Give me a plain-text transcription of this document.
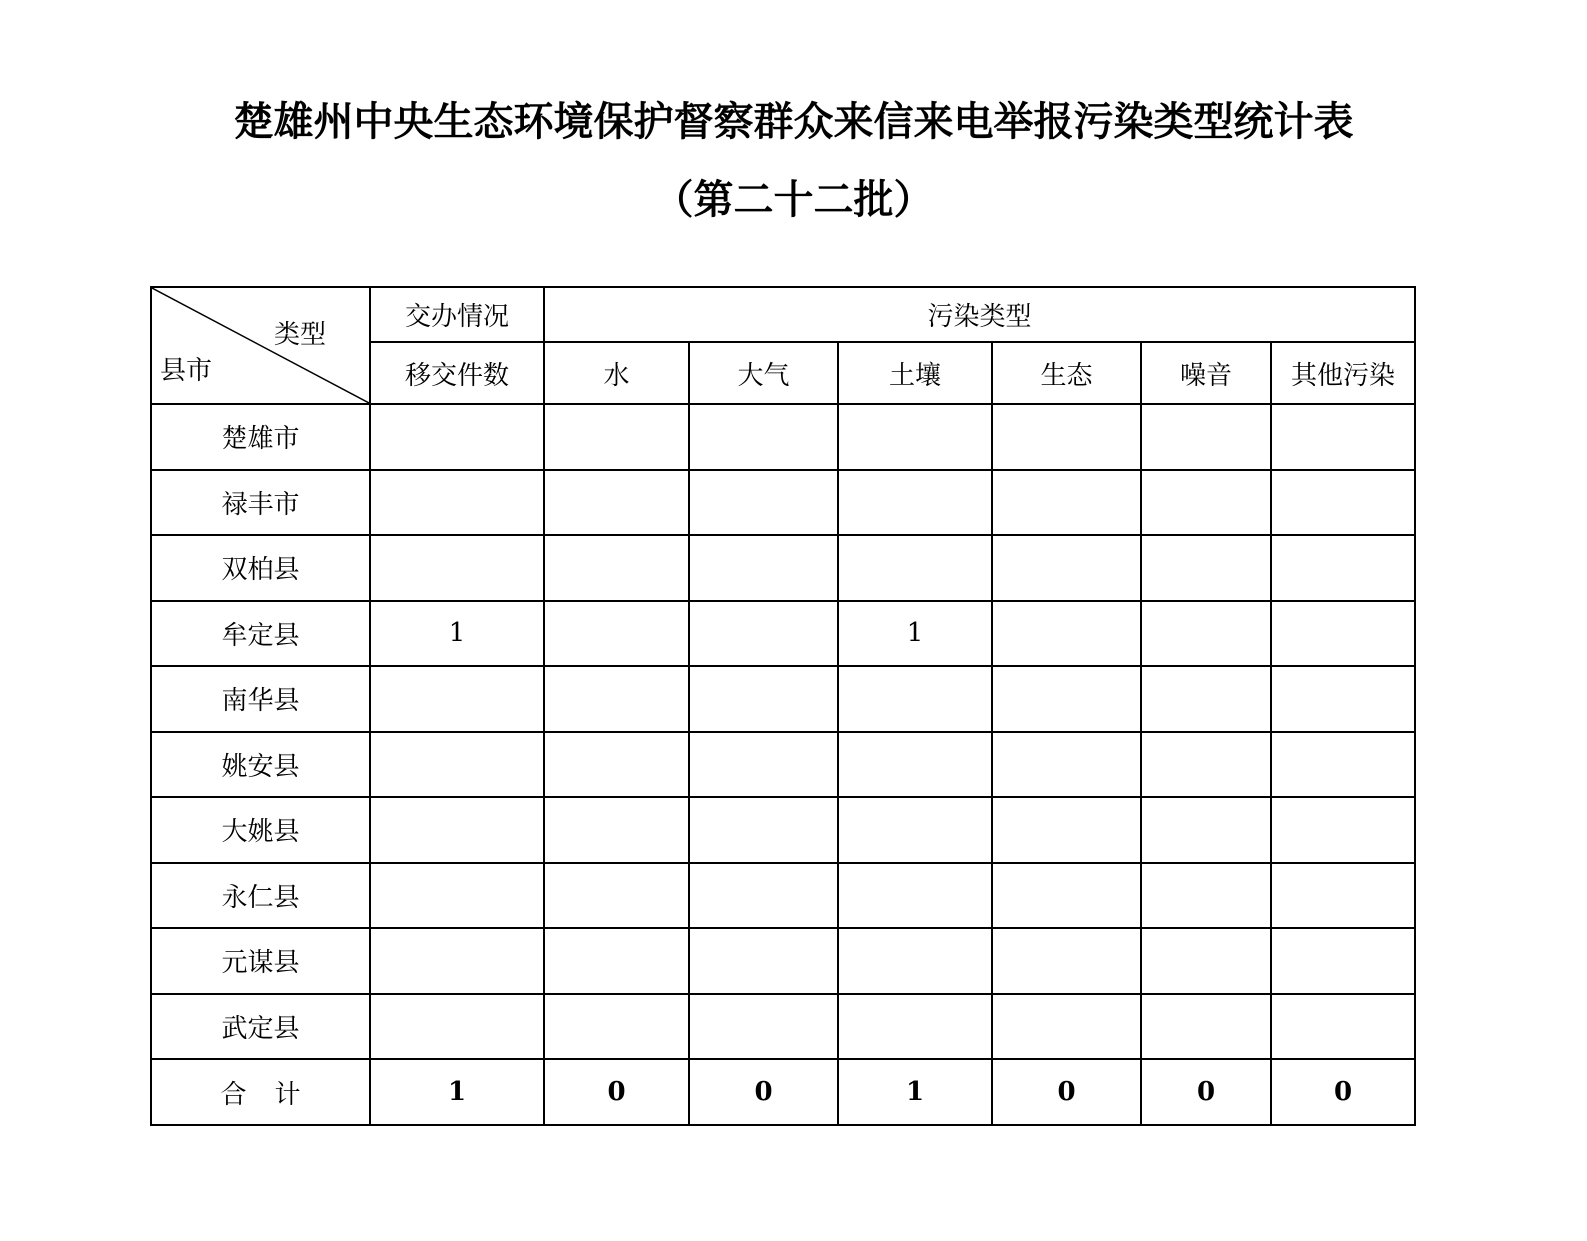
楚雄州中央生态环境保护督察群众来信来电举报污染类型统计表
（第二十二批）
类型
县市	交办情况	污染类型					
	移交件数	水	大气	土壤	生态	噪音	其他污染
楚雄市							
禄丰市							
双柏县							
牟定县	1			1			
南华县							
姚安县							
大姚县							
永仁县							
元谋县							
武定县							
合计	1	0	0	1	0	0	0
